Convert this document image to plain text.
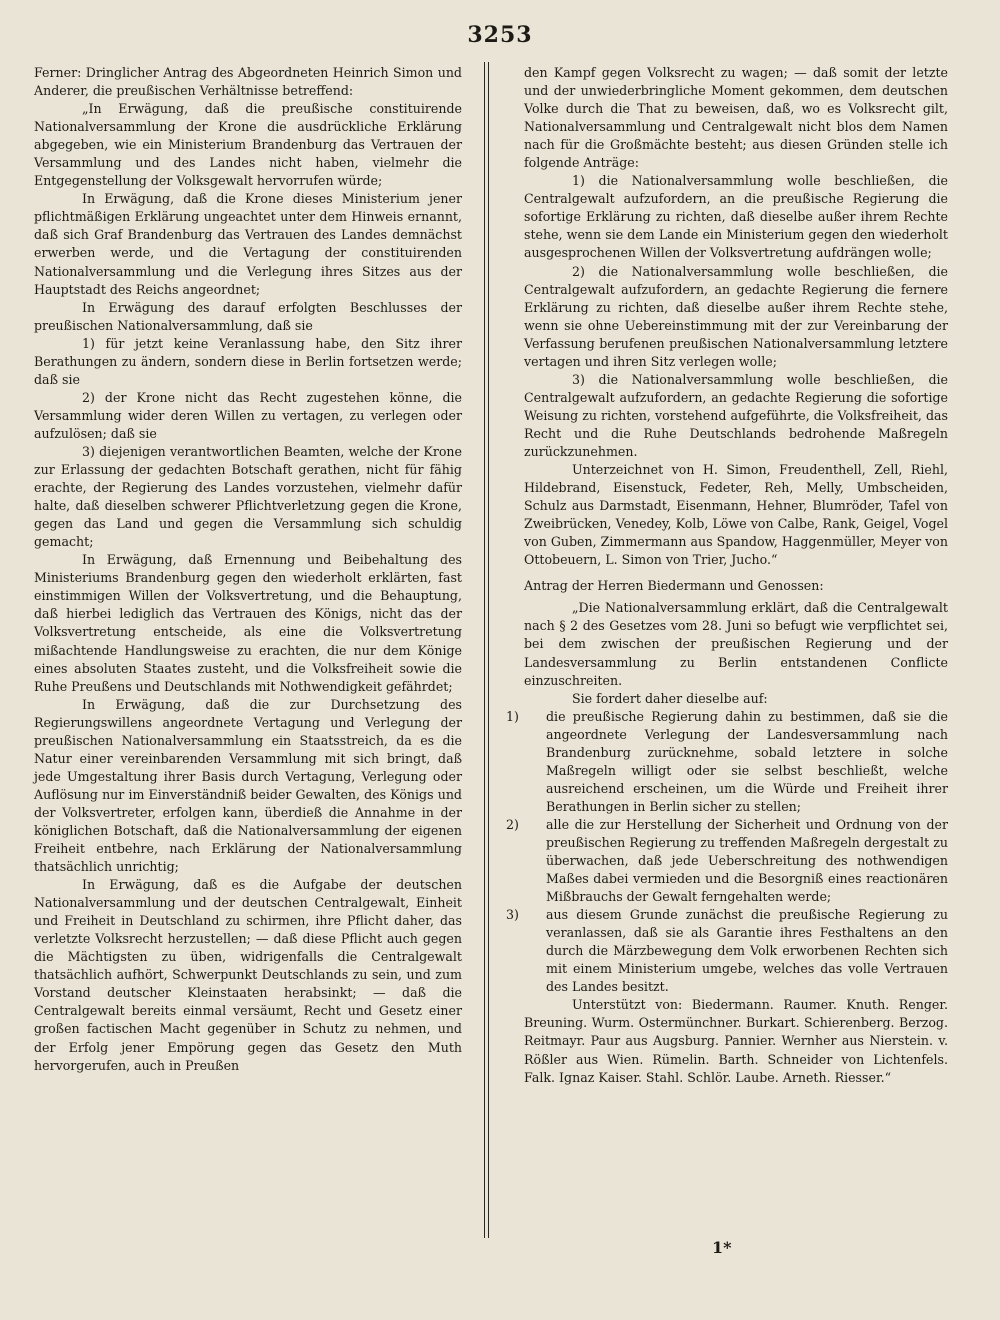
3253

Ferner: Dringlicher Antrag des Abgeordneten Heinrich Simon und Anderer, die preußischen Verhältnisse betreffend:

„In Erwägung, daß die preußische constituirende Nationalversammlung der Krone die ausdrückliche Erklärung abgegeben, wie ein Ministerium Brandenburg das Vertrauen der Versammlung und des Landes nicht haben, vielmehr die Entgegenstellung der Volksgewalt hervorrufen würde;

In Erwägung, daß die Krone dieses Ministerium jener pflichtmäßigen Erklärung ungeachtet unter dem Hinweis ernannt, daß sich Graf Brandenburg das Vertrauen des Landes demnächst erwerben werde, und die Vertagung der constituirenden Nationalversammlung und die Verlegung ihres Sitzes aus der Hauptstadt des Reichs angeordnet;

In Erwägung des darauf erfolgten Beschlusses der preußischen Nationalversammlung, daß sie

1) für jetzt keine Veranlassung habe, den Sitz ihrer Berathungen zu ändern, sondern diese in Berlin fortsetzen werde; daß sie

2) der Krone nicht das Recht zugestehen könne, die Versammlung wider deren Willen zu vertagen, zu verlegen oder aufzulösen; daß sie

3) diejenigen verantwortlichen Beamten, welche der Krone zur Erlassung der gedachten Botschaft gerathen, nicht für fähig erachte, der Regierung des Landes vorzustehen, vielmehr dafür halte, daß dieselben schwerer Pflichtverletzung gegen die Krone, gegen das Land und gegen die Versammlung sich schuldig gemacht;

In Erwägung, daß Ernennung und Beibehaltung des Ministeriums Brandenburg gegen den wiederholt erklärten, fast einstimmigen Willen der Volksvertretung, und die Behauptung, daß hierbei lediglich das Vertrauen des Königs, nicht das der Volksvertretung entscheide, als eine die Volksvertretung mißachtende Handlungsweise zu erachten, die nur dem Könige eines absoluten Staates zusteht, und die Volksfreiheit sowie die Ruhe Preußens und Deutschlands mit Nothwendigkeit gefährdet;

In Erwägung, daß die zur Durchsetzung des Regierungswillens angeordnete Vertagung und Verlegung der preußischen Nationalversammlung ein Staatsstreich, da es die Natur einer vereinbarenden Versammlung mit sich bringt, daß jede Umgestaltung ihrer Basis durch Vertagung, Verlegung oder Auflösung nur im Einverständniß beider Gewalten, des Königs und der Volksvertreter, erfolgen kann, überdieß die Annahme in der königlichen Botschaft, daß die Nationalversammlung der eigenen Freiheit entbehre, nach Erklärung der Nationalversammlung thatsächlich unrichtig;

In Erwägung, daß es die Aufgabe der deutschen Nationalversammlung und der deutschen Centralgewalt, Einheit und Freiheit in Deutschland zu schirmen, ihre Pflicht daher, das verletzte Volksrecht herzustellen; — daß diese Pflicht auch gegen die Mächtigsten zu üben, widrigenfalls die Centralgewalt thatsächlich aufhört, Schwerpunkt Deutschlands zu sein, und zum Vorstand deutscher Kleinstaaten herabsinkt; — daß die Centralgewalt bereits einmal versäumt, Recht und Gesetz einer großen factischen Macht gegenüber in Schutz zu nehmen, und der Erfolg jener Empörung gegen das Gesetz den Muth hervorgerufen, auch in Preußen

den Kampf gegen Volksrecht zu wagen; — daß somit der letzte und der unwiederbringliche Moment gekommen, dem deutschen Volke durch die That zu beweisen, daß, wo es Volksrecht gilt, Nationalversammlung und Centralgewalt nicht blos dem Namen nach für die Großmächte besteht; aus diesen Gründen stelle ich folgende Anträge:

1) die Nationalversammlung wolle beschließen, die Centralgewalt aufzufordern, an die preußische Regierung die sofortige Erklärung zu richten, daß dieselbe außer ihrem Rechte stehe, wenn sie dem Lande ein Ministerium gegen den wiederholt ausgesprochenen Willen der Volksvertretung aufdrängen wolle;

2) die Nationalversammlung wolle beschließen, die Centralgewalt aufzufordern, an gedachte Regierung die fernere Erklärung zu richten, daß dieselbe außer ihrem Rechte stehe, wenn sie ohne Uebereinstimmung mit der zur Vereinbarung der Verfassung berufenen preußischen Nationalversammlung letztere vertagen und ihren Sitz verlegen wolle;

3) die Nationalversammlung wolle beschließen, die Centralgewalt aufzufordern, an gedachte Regierung die sofortige Weisung zu richten, vorstehend aufgeführte, die Volksfreiheit, das Recht und die Ruhe Deutschlands bedrohende Maßregeln zurückzunehmen.

Unterzeichnet von H. Simon, Freudenthell, Zell, Riehl, Hildebrand, Eisenstuck, Fedeter, Reh, Melly, Umbscheiden, Schulz aus Darmstadt, Eisenmann, Hehner, Blumröder, Tafel von Zweibrücken, Venedey, Kolb, Löwe von Calbe, Rank, Geigel, Vogel von Guben, Zimmermann aus Spandow, Haggenmüller, Meyer von Ottobeuern, L. Simon von Trier, Jucho.“

Antrag der Herren Biedermann und Genossen:

„Die Nationalversammlung erklärt, daß die Centralgewalt nach § 2 des Gesetzes vom 28. Juni so befugt wie verpflichtet sei, bei dem zwischen der preußischen Regierung und der Landesversammlung zu Berlin entstandenen Conflicte einzuschreiten.

Sie fordert daher dieselbe auf:

1) die preußische Regierung dahin zu bestimmen, daß sie die angeordnete Verlegung der Landesversammlung nach Brandenburg zurücknehme, sobald letztere in solche Maßregeln willigt oder sie selbst beschließt, welche ausreichend erscheinen, um die Würde und Freiheit ihrer Berathungen in Berlin sicher zu stellen;
2) alle die zur Herstellung der Sicherheit und Ordnung von der preußischen Regierung zu treffenden Maßregeln dergestalt zu überwachen, daß jede Ueberschreitung des nothwendigen Maßes dabei vermieden und die Besorgniß eines reactionären Mißbrauchs der Gewalt ferngehalten werde;
3) aus diesem Grunde zunächst die preußische Regierung zu veranlassen, daß sie als Garantie ihres Festhaltens an den durch die Märzbewegung dem Volk erworbenen Rechten sich mit einem Ministerium umgebe, welches das volle Vertrauen des Landes besitzt.

Unterstützt von: Biedermann. Raumer. Knuth. Renger. Breuning. Wurm. Ostermünchner. Burkart. Schierenberg. Berzog. Reitmayr. Paur aus Augsburg. Pannier. Wernher aus Nierstein. v. Rößler aus Wien. Rümelin. Barth. Schneider von Lichtenfels. Falk. Ignaz Kaiser. Stahl. Schlör. Laube. Arneth. Riesser.“

1*
